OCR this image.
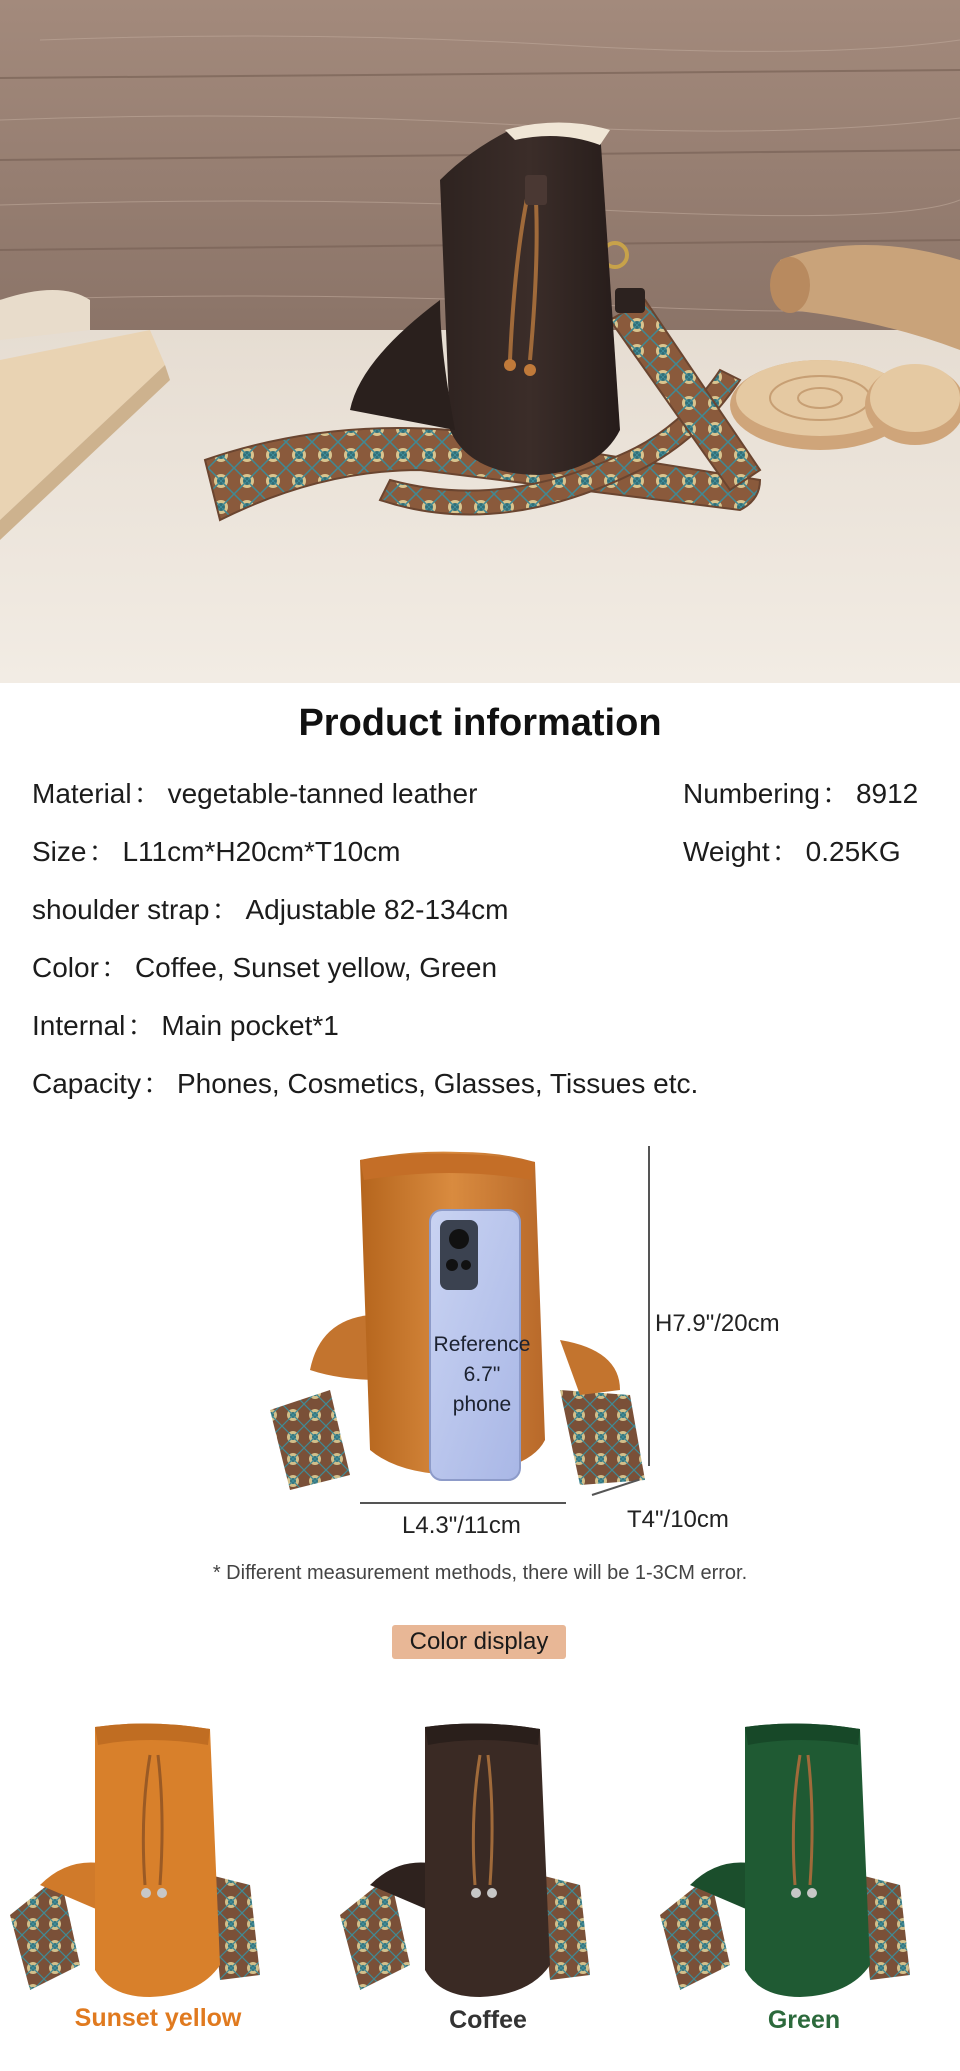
Product information
Material： vegetable-tanned leather	Numbering： 8912
Size： L11cm*H20cm*T10cm	Weight： 0.25KG
shoulder strap： Adjustable 82-134cm
Color： Coffee, Sunset yellow, Green
Internal： Main pocket*1
Capacity： Phones, Cosmetics, Glasses, Tissues etc.
Reference
6.7" phone
H7.9"/20cm
L4.3"/11cm	T4"/10cm
* Different measurement methods, there will be 1-3CM error.
Color display
Sunset yellow	Coffee	Green
